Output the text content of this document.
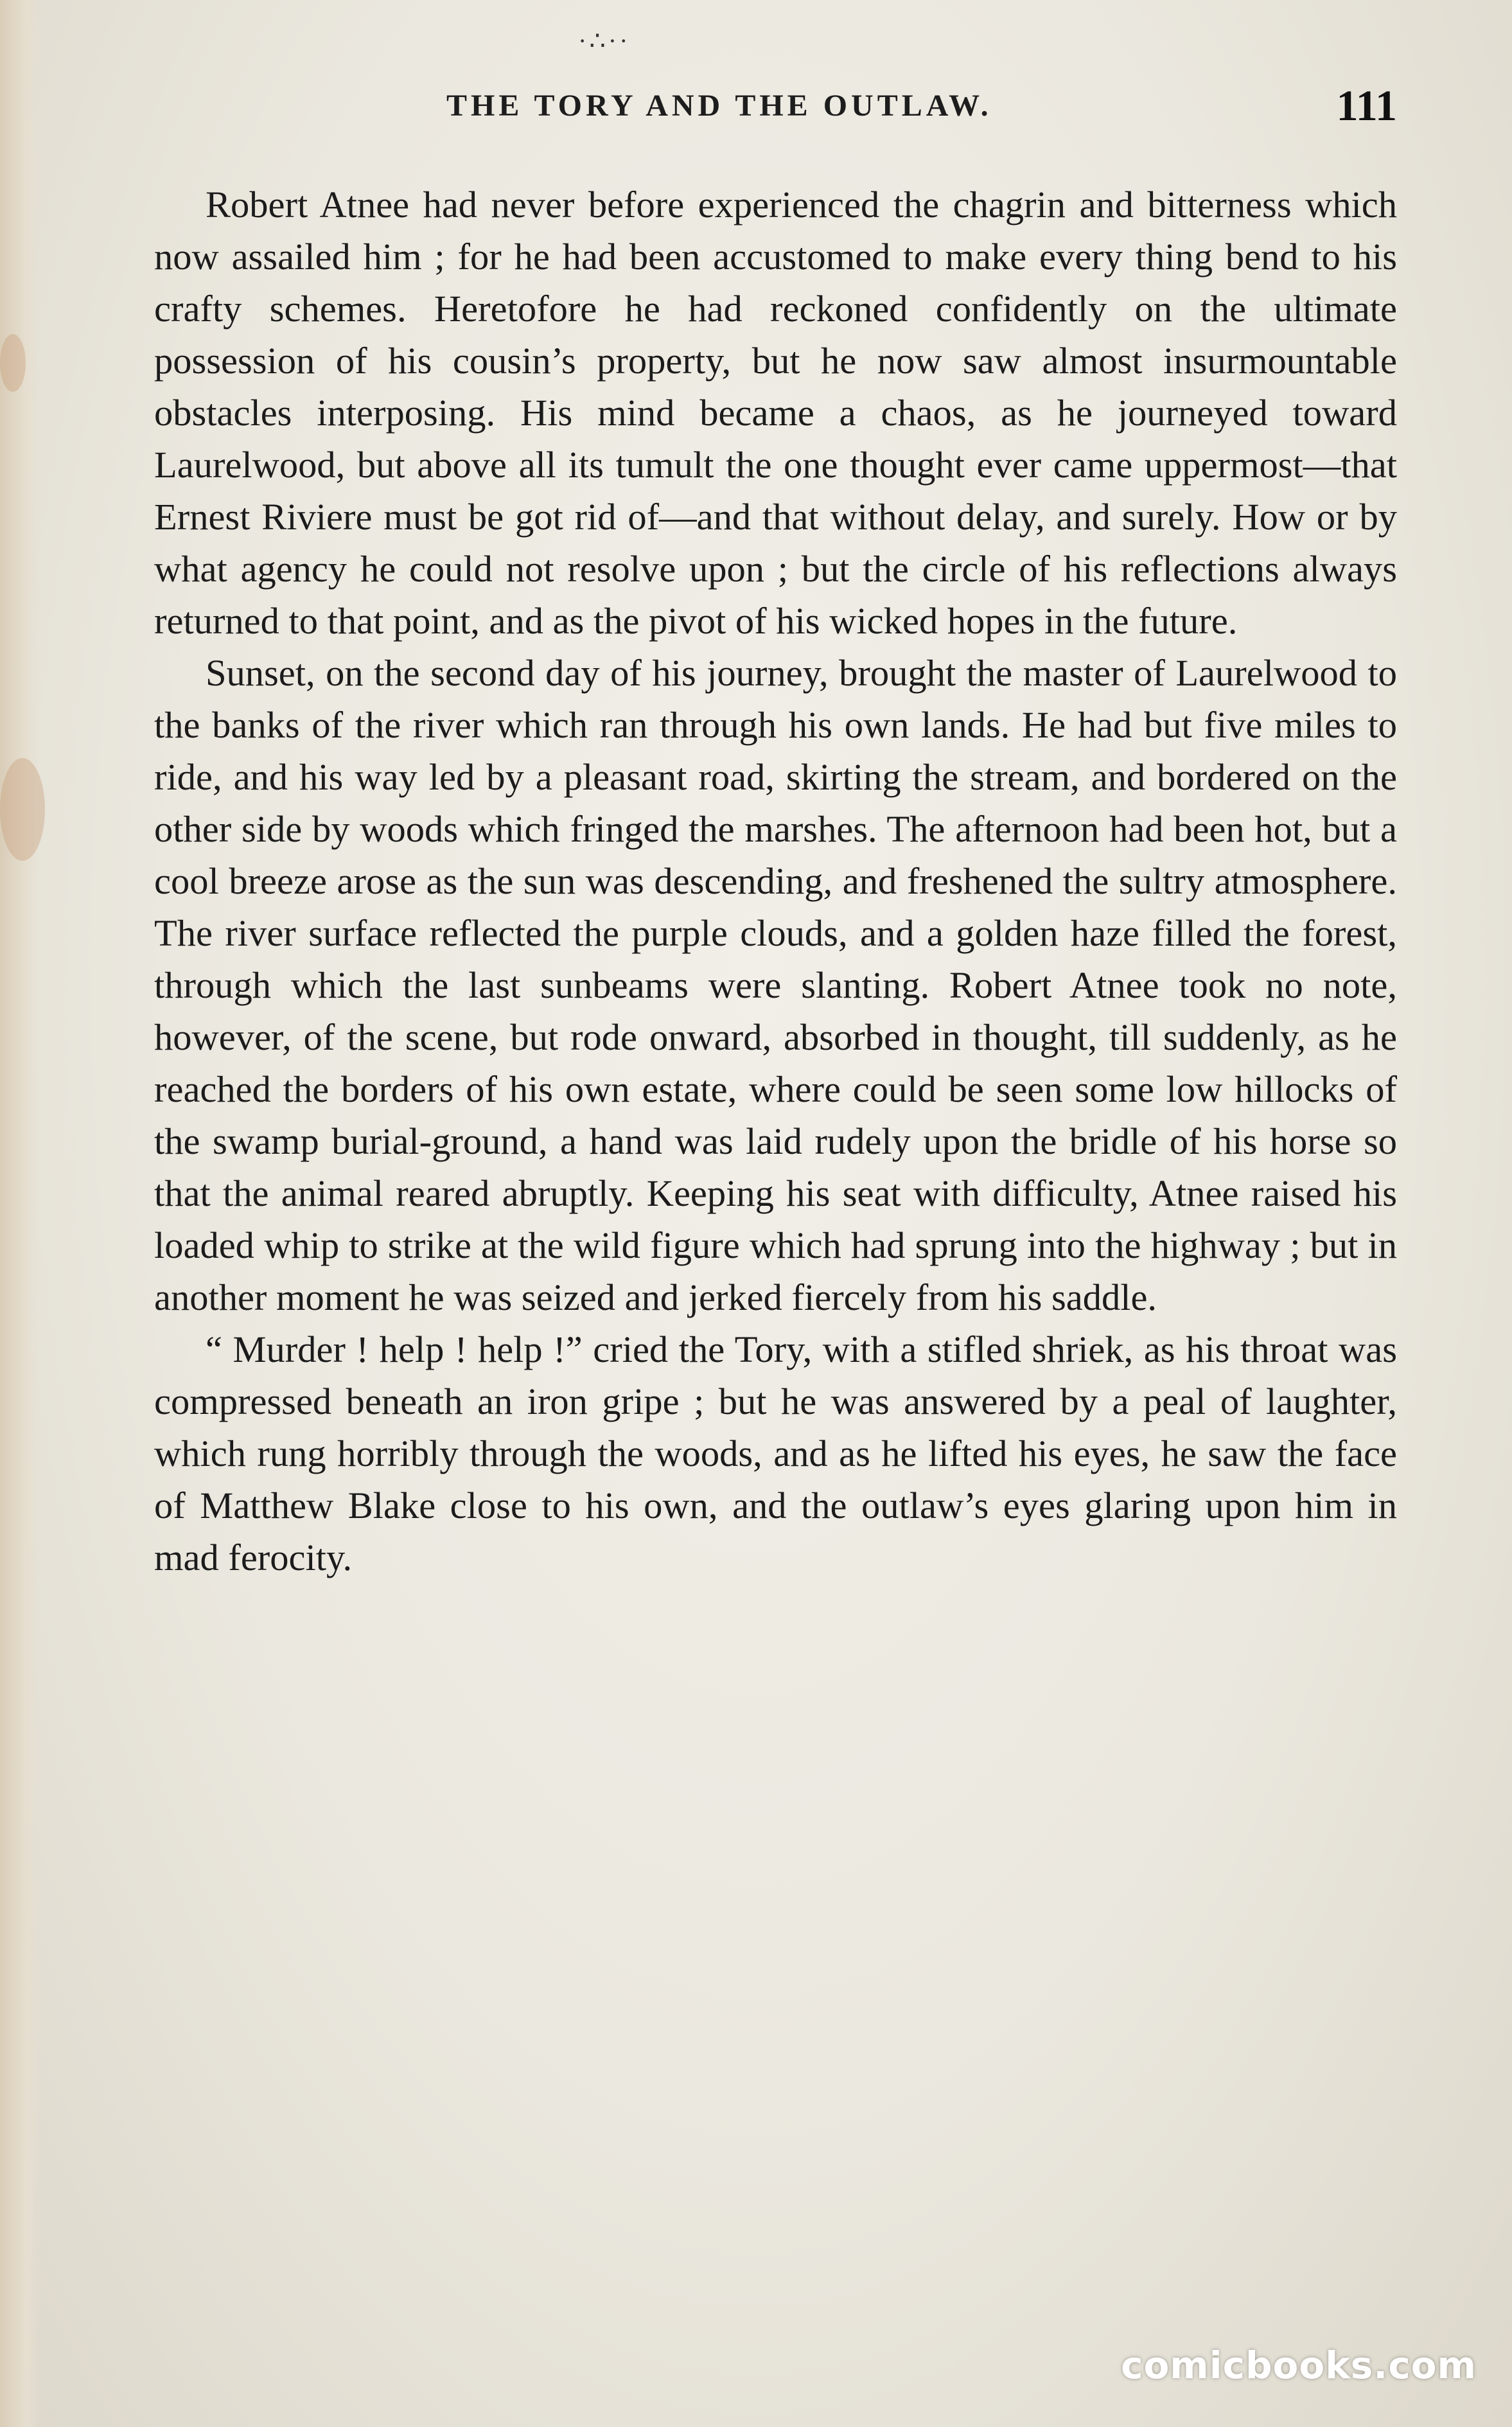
·∴··
THE TORY AND THE OUTLAW.	111

Robert Atnee had never before experienced the chagrin and bitterness which now assailed him ; for he had been accustomed to make every thing bend to his crafty schemes. Heretofore he had reckoned confidently on the ultimate possession of his cousin’s property, but he now saw almost insurmountable obstacles interposing. His mind became a chaos, as he journeyed toward Laurelwood, but above all its tumult the one thought ever came uppermost—that Ernest Riviere must be got rid of—and that without delay, and surely. How or by what agency he could not resolve upon ; but the circle of his reflections always returned to that point, and as the pivot of his wicked hopes in the future.

Sunset, on the second day of his journey, brought the master of Laurelwood to the banks of the river which ran through his own lands. He had but five miles to ride, and his way led by a pleasant road, skirting the stream, and bordered on the other side by woods which fringed the marshes. The afternoon had been hot, but a cool breeze arose as the sun was descending, and freshened the sultry atmosphere. The river surface reflected the purple clouds, and a golden haze filled the forest, through which the last sunbeams were slanting. Robert Atnee took no note, however, of the scene, but rode onward, absorbed in thought, till suddenly, as he reached the borders of his own estate, where could be seen some low hillocks of the swamp burial-ground, a hand was laid rudely upon the bridle of his horse so that the animal reared abruptly. Keeping his seat with difficulty, Atnee raised his loaded whip to strike at the wild figure which had sprung into the highway ; but in another moment he was seized and jerked fiercely from his saddle.

“ Murder ! help ! help !” cried the Tory, with a stifled shriek, as his throat was compressed beneath an iron gripe ; but he was answered by a peal of laughter, which rung horribly through the woods, and as he lifted his eyes, he saw the face of Matthew Blake close to his own, and the outlaw’s eyes glaring upon him in mad ferocity.

comicbooks.com
